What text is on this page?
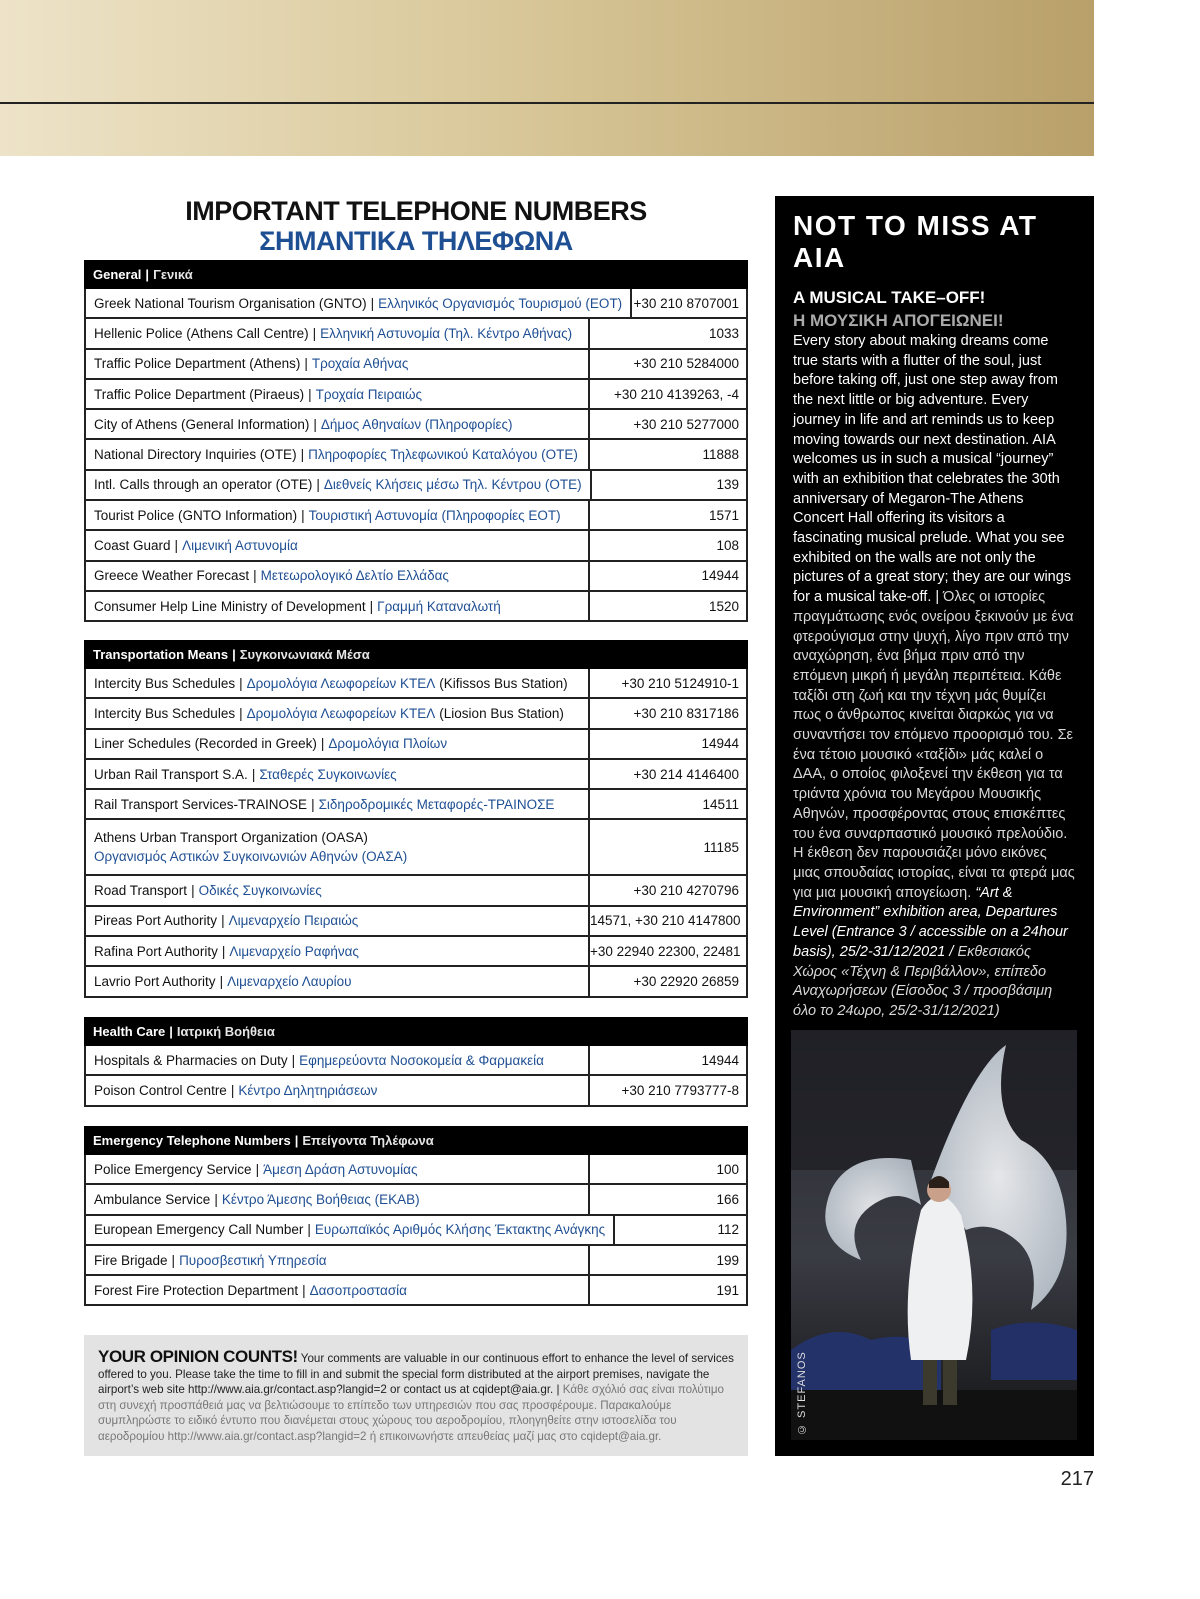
IMPORTANT TELEPHONE NUMBERS
ΣΗΜΑΝΤΙΚΑ ΤΗΛΕΦΩΝΑ
General | Γενικά
Greek National Tourism Organisation (GNTO) | Ελληνικός Οργανισμός Τουρισμού (ΕΟΤ) +30 210 8707001
Hellenic Police (Athens Call Centre) | Ελληνική Αστυνομία (Τηλ. Κέντρο Αθήνας)	1033
Traffic Police Department (Athens) | Τροχαία Αθήνας	+30 210 5284000
Traffic Police Department (Piraeus) | Τροχαία Πειραιώς	+30 210 4139263, -4
City of Athens (General Information) | Δήμος Αθηναίων (Πληροφορίες)	+30 210 5277000
National Directory Inquiries (OTE) | Πληροφορίες Τηλεφωνικού Καταλόγου (ΟΤΕ)	11888
Intl. Calls through an operator (OTE) | Διεθνείς Κλήσεις μέσω Τηλ. Κέντρου (ΟΤΕ)	139
Tourist Police (GNTO Information) | Τουριστική Αστυνομία (Πληροφορίες ΕΟΤ)	1571
Coast Guard | Λιμενική Αστυνομία	108
Greece Weather Forecast | Μετεωρολογικό Δελτίο Ελλάδας	14944
Consumer Help Line Ministry of Development | Γραμμή Καταναλωτή	1520
Transportation Means | Συγκοινωνιακά Μέσα
Intercity Bus Schedules | Δρομολόγια Λεωφορείων ΚΤΕΛ (Kifissos Bus Station)	+30 210 5124910-1
Intercity Bus Schedules | Δρομολόγια Λεωφορείων ΚΤΕΛ (Liosion Bus Station)	+30 210 8317186
Liner Schedules (Recorded in Greek) | Δρομολόγια Πλοίων	14944
Urban Rail Transport S.A. | Σταθερές Συγκοινωνίες	+30 214 4146400
Rail Transport Services-TRAINOSE | Σιδηροδρομικές Μεταφορές-ΤΡΑΙΝΟΣΕ	14511
Athens Urban Transport Organization (OASA)
Οργανισμός Αστικών Συγκοινωνιών Αθηνών (ΟΑΣΑ)
11185
Road Transport | Οδικές Συγκοινωνίες	+30 210 4270796
Pireas Port Authority | Λιμεναρχείο Πειραιώς	14571, +30 210 4147800
Rafina Port Authority | Λιμεναρχείο Ραφήνας	+30 22940 22300, 22481
Lavrio Port Authority | Λιμεναρχείο Λαυρίου	+30 22920 26859
Health Care | Ιατρική Βοήθεια
Hospitals & Pharmacies on Duty | Εφημερεύοντα Νοσοκομεία & Φαρμακεία	14944
Poison Control Centre | Κέντρο Δηλητηριάσεων	+30 210 7793777-8
Emergency Telephone Numbers | Επείγοντα Τηλέφωνα
Police Emergency Service | Άμεση Δράση Αστυνομίας	100
Ambulance Service | Κέντρο Άμεσης Βοήθειας (ΕΚΑΒ)	166
European Emergency Call Number | Ευρωπαϊκός Αριθμός Κλήσης Έκτακτης Ανάγκης	112
Fire Brigade | Πυροσβεστική Υπηρεσία	199
Forest Fire Protection Department | Δασοπροστασία	191
YOUR OPINION COUNTS! Your comments are valuable in our continuous effort to enhance the level of services offered to you. Please take the time to fill in and submit the special form distributed at the airport premises, navigate the airport’s web site http://www.aia.gr/contact.asp?langid=2 or contact us at cqidept@aia.gr. | Κάθε σχόλιό σας είναι πολύτιμο στη συνεχή προσπάθειά μας να βελτιώσουμε το επίπεδο των υπηρεσιών που σας προσφέρουμε. Παρακαλούμε συμπληρώστε το ειδικό έντυπο που διανέμεται στους χώρους του αεροδρομίου, πλοηγηθείτε στην ιστοσελίδα του αεροδρομίου http://www.aia.gr/contact.asp?langid=2 ή επικοινωνήστε απευθείας μαζί μας στο cqidept@aia.gr.
NOT TO MISS AT AIA
A MUSICAL TAKE–OFF!
Η ΜΟΥΣΙΚΗ ΑΠΟΓΕΙΩΝΕΙ!
Every story about making dreams come true starts with a flutter of the soul, just before taking off, just one step away from the next little or big adventure. Every journey in life and art reminds us to keep moving towards our next destination. AIA welcomes us in such a musical “journey” with an exhibition that celebrates the 30th anniversary of Megaron-The Athens Concert Hall offering its visitors a fascinating musical prelude. What you see exhibited on the walls are not only the pictures of a great story; they are our wings for a musical take-off. | Όλες οι ιστορίες πραγμάτωσης ενός ονείρου ξεκινούν με ένα φτερούγισμα στην ψυχή, λίγο πριν από την αναχώρηση, ένα βήμα πριν από την επόμενη μικρή ή μεγάλη περιπέτεια. Κάθε ταξίδι στη ζωή και την τέχνη μάς θυμίζει πως ο άνθρωπος κινείται διαρκώς για να συναντήσει τον επόμενο προορισμό του. Σε ένα τέτοιο μουσικό «ταξίδι» μάς καλεί ο ΔΑΑ, ο οποίος φιλοξενεί την έκθεση για τα τριάντα χρόνια του Μεγάρου Μουσικής Αθηνών, προσφέροντας στους επισκέπτες του ένα συναρπαστικό μουσικό πρελούδιο. Η έκθεση δεν παρουσιάζει μόνο εικόνες μιας σπουδαίας ιστορίας, είναι τα φτερά μας για μια μουσική απογείωση. “Art & Environment” exhibition area, Departures Level (Entrance 3 / accessible on a 24hour basis), 25/2-31/12/2021 / Εκθεσιακός Χώρος «Τέχνη & Περιβάλλον», επίπεδο Αναχωρήσεων (Είσοδος 3 / προσβάσιμη όλο το 24ωρο, 25/2-31/12/2021)
© STEFANOS
217
